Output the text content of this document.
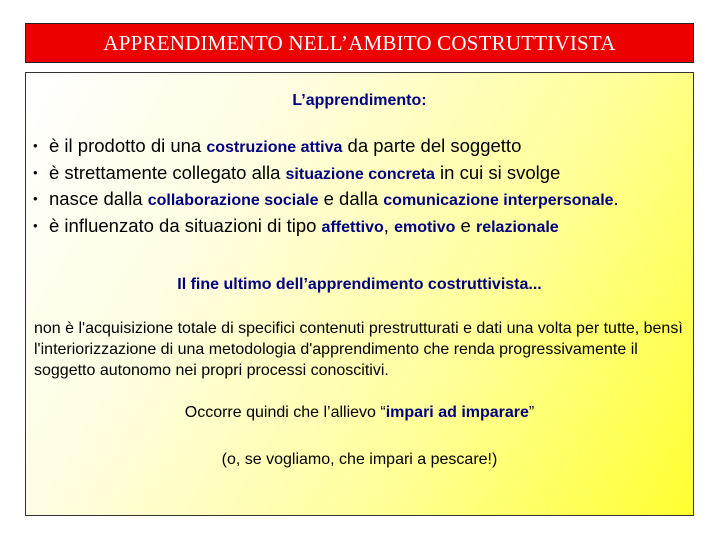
APPRENDIMENTO NELL’AMBITO COSTRUTTIVISTA
L’apprendimento:
• è il prodotto di una costruzione attiva da parte del soggetto
• è strettamente collegato alla situazione concreta in cui si svolge
• nasce dalla collaborazione sociale e dalla comunicazione interpersonale.
• è influenzato da situazioni di tipo affettivo, emotivo e relazionale
Il fine ultimo dell’apprendimento costruttivista...
non è l'acquisizione totale di specifici contenuti prestrutturati e dati una volta per tutte, bensì l'interiorizzazione di una metodologia d'apprendimento che renda progressivamente il soggetto autonomo nei propri processi conoscitivi.
Occorre quindi che l’allievo “impari ad imparare”
(o, se vogliamo, che impari a pescare!)
